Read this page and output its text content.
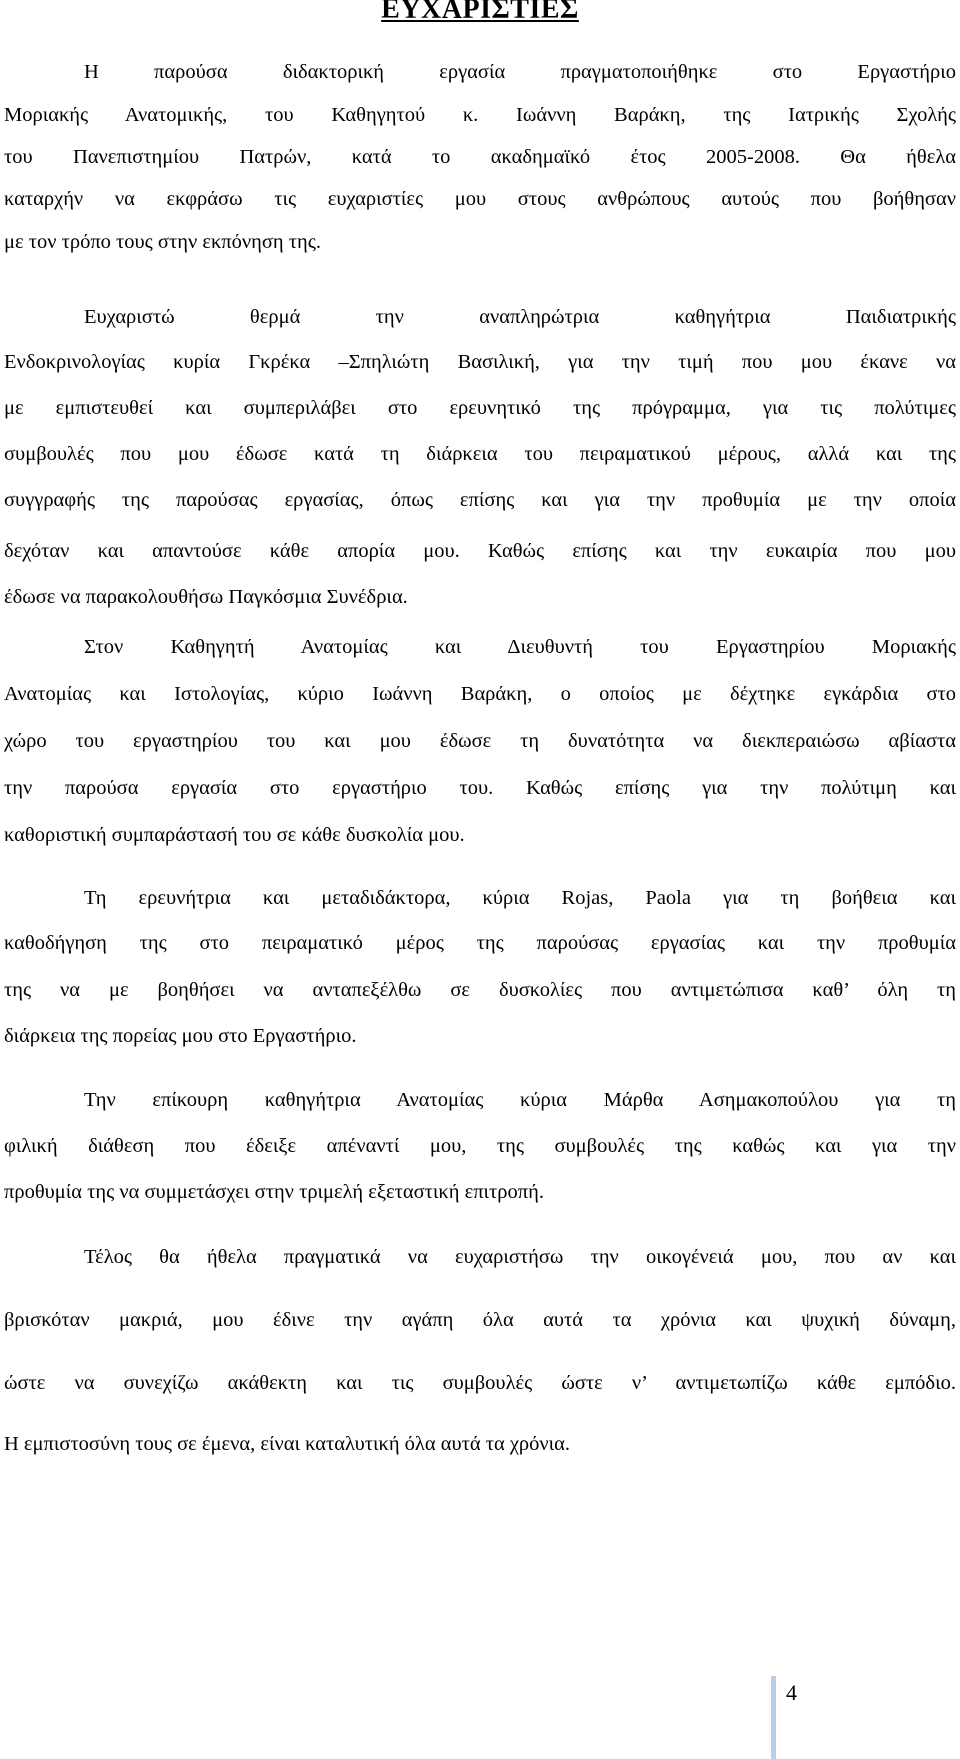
ΕΥΧΑΡΙΣΤΙΕΣ
Η παρούσα διδακτορική εργασία πραγματοποιήθηκε στο Εργαστήριο
Μοριακής Ανατομικής, του Καθηγητού κ. Ιωάννη Βαράκη, της Ιατρικής Σχολής
του Πανεπιστημίου Πατρών, κατά το ακαδημαϊκό έτος 2005-2008. Θα ήθελα
καταρχήν να εκφράσω τις ευχαριστίες μου στους ανθρώπους αυτούς που βοήθησαν
με τον τρόπο τους στην εκπόνηση της.
Ευχαριστώ θερμά την αναπληρώτρια καθηγήτρια Παιδιατρικής
Ενδοκρινολογίας κυρία Γκρέκα –Σπηλιώτη Βασιλική, για την τιμή που μου έκανε να
με εμπιστευθεί και συμπεριλάβει στο ερευνητικό της πρόγραμμα, για τις πολύτιμες
συμβουλές που μου έδωσε κατά τη διάρκεια του πειραματικού μέρους, αλλά και της
συγγραφής της παρούσας εργασίας, όπως επίσης και για την προθυμία με την οποία
δεχόταν και απαντούσε κάθε απορία μου. Καθώς επίσης και την ευκαιρία που μου
έδωσε να παρακολουθήσω Παγκόσμια Συνέδρια.
Στον Καθηγητή Ανατομίας και Διευθυντή του Εργαστηρίου Μοριακής
Ανατομίας και Ιστολογίας, κύριο Ιωάννη Βαράκη, ο οποίος με δέχτηκε εγκάρδια στο
χώρο του εργαστηρίου του και μου έδωσε τη δυνατότητα να διεκπεραιώσω αβίαστα
την παρούσα εργασία στο εργαστήριο του. Καθώς επίσης για την πολύτιμη και
καθοριστική συμπαράστασή του σε κάθε δυσκολία μου.
Τη ερευνήτρια και μεταδιδάκτορα, κύρια Rojas, Paola για τη βοήθεια και
καθοδήγηση της στο πειραματικό μέρος της παρούσας εργασίας και την προθυμία
της να με βοηθήσει να ανταπεξέλθω σε δυσκολίες που αντιμετώπισα καθ’ όλη τη
διάρκεια της πορείας μου στο Εργαστήριο.
Την επίκουρη καθηγήτρια Ανατομίας κύρια Μάρθα Ασημακοπούλου για τη
φιλική διάθεση που έδειξε απέναντί μου, της συμβουλές της καθώς και για την
προθυμία της να συμμετάσχει στην τριμελή εξεταστική επιτροπή.
Τέλος θα ήθελα πραγματικά να ευχαριστήσω την οικογένειά μου, που αν και
βρισκόταν μακριά, μου έδινε την αγάπη όλα αυτά τα χρόνια και ψυχική δύναμη,
ώστε να συνεχίζω ακάθεκτη και τις συμβουλές ώστε ν’ αντιμετωπίζω κάθε εμπόδιο.
Η εμπιστοσύνη τους σε έμενα, είναι καταλυτική όλα αυτά τα χρόνια.
4
